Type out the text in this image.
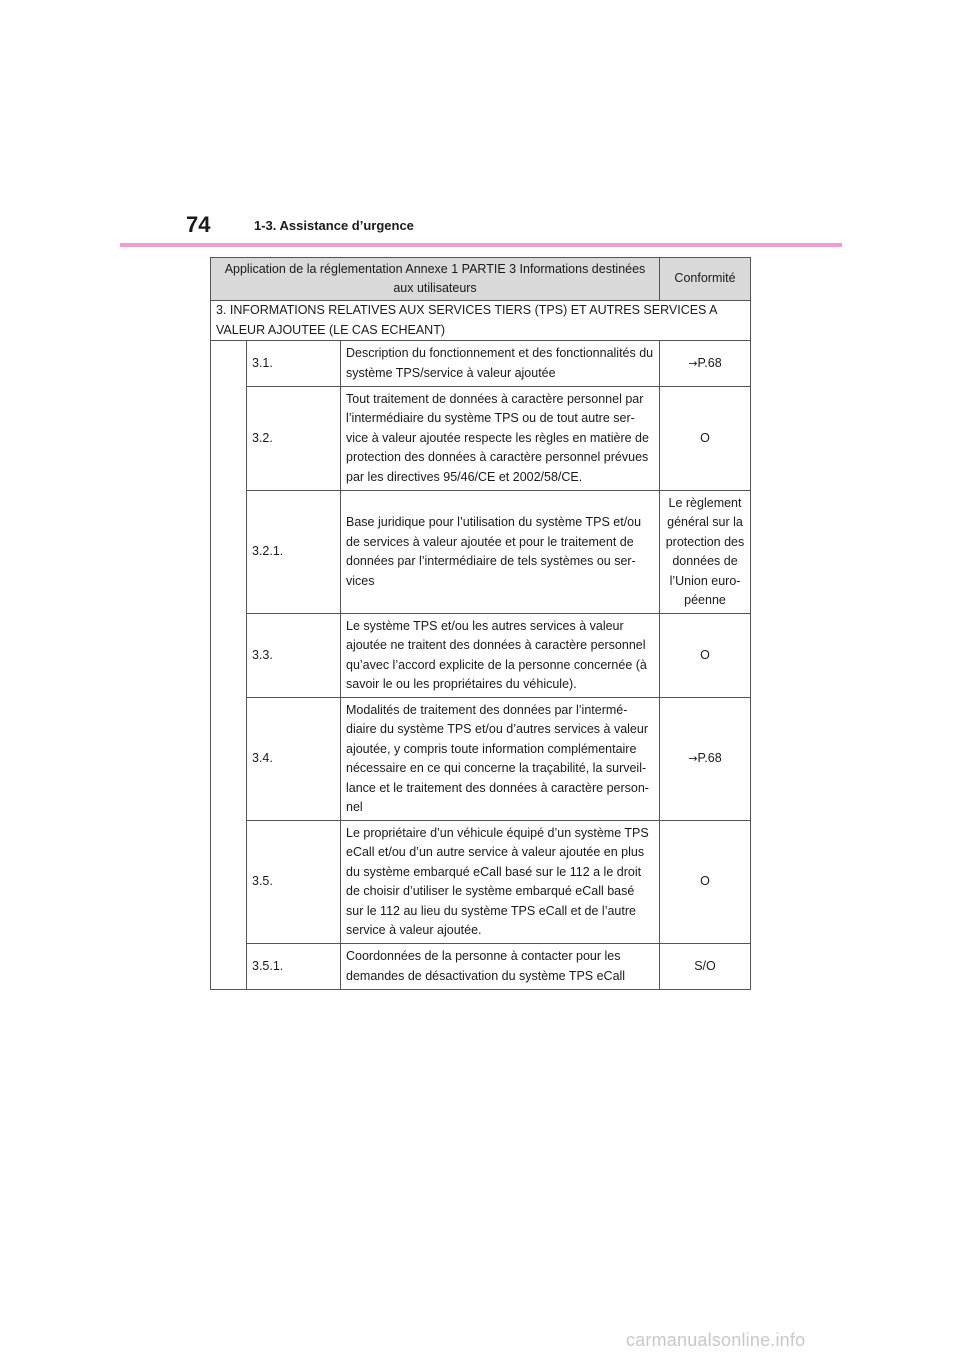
74	1-3. Assistance d’urgence
Application de la réglementation Annexe 1 PARTIE 3 Informations destinées aux utilisateurs			Conformité
3. INFORMATIONS RELATIVES AUX SERVICES TIERS (TPS) ET AUTRES SERVICES A VALEUR AJOUTEE (LE CAS ECHEANT)			
	3.1.	Description du fonctionnement et des fonctionnalités du système TPS/service à valeur ajoutée	→P.68
	3.2.	Tout traitement de données à caractère personnel par l’intermédiaire du système TPS ou de tout autre ser-vice à valeur ajoutée respecte les règles en matière de protection des données à caractère personnel prévues par les directives 95/46/CE et 2002/58/CE.	O
	3.2.1.	Base juridique pour l’utilisation du système TPS et/ou de services à valeur ajoutée et pour le traitement de données par l’intermédiaire de tels systèmes ou ser-vices	Le règlement général sur la protection des données de l’Union euro-péenne
	3.3.	Le système TPS et/ou les autres services à valeur ajoutée ne traitent des données à caractère personnel qu’avec l’accord explicite de la personne concernée (à savoir le ou les propriétaires du véhicule).	O
	3.4.	Modalités de traitement des données par l’intermé-diaire du système TPS et/ou d’autres services à valeur ajoutée, y compris toute information complémentaire nécessaire en ce qui concerne la traçabilité, la surveil-lance et le traitement des données à caractère person-nel	→P.68
	3.5.	Le propriétaire d’un véhicule équipé d’un système TPS eCall et/ou d’un autre service à valeur ajoutée en plus du système embarqué eCall basé sur le 112 a le droit de choisir d’utiliser le système embarqué eCall basé sur le 112 au lieu du système TPS eCall et de l’autre service à valeur ajoutée.	O
	3.5.1.	Coordonnées de la personne à contacter pour les demandes de désactivation du système TPS eCall	S/O
carmanualsonline.info
